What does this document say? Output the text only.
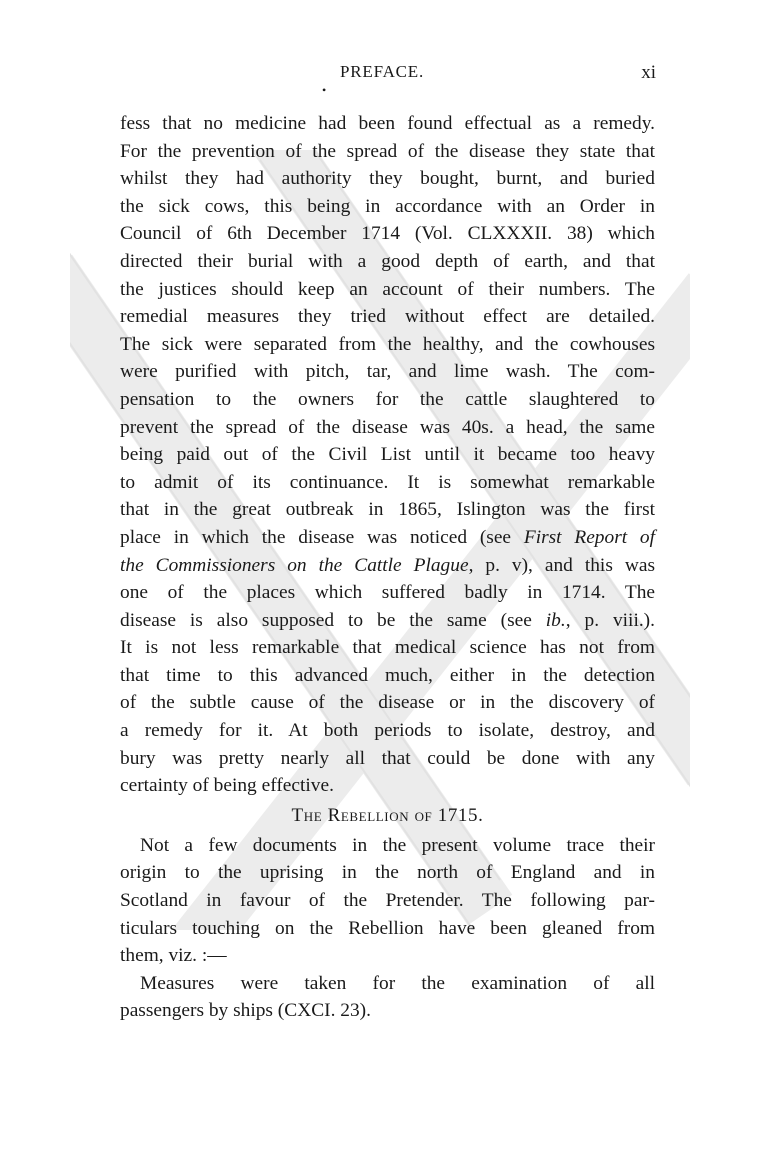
PREFACE.	xi
•
fess that no medicine had been found effectual as a remedy.
For the prevention of the spread of the disease they state that
whilst they had authority they bought, burnt, and buried
the sick cows, this being in accordance with an Order in
Council of 6th December 1714 (Vol. CLXXXII. 38) which
directed their burial with a good depth of earth, and that
the justices should keep an account of their numbers. The
remedial measures they tried without effect are detailed.
The sick were separated from the healthy, and the cowhouses
were purified with pitch, tar, and lime wash. The com-
pensation to the owners for the cattle slaughtered to
prevent the spread of the disease was 40s. a head, the same
being paid out of the Civil List until it became too heavy
to admit of its continuance. It is somewhat remarkable
that in the great outbreak in 1865, Islington was the first
place in which the disease was noticed (see First Report of
the Commissioners on the Cattle Plague, p. v), and this was
one of the places which suffered badly in 1714. The
disease is also supposed to be the same (see ib., p. viii.).
It is not less remarkable that medical science has not from
that time to this advanced much, either in the detection
of the subtle cause of the disease or in the discovery of
a remedy for it. At both periods to isolate, destroy, and
bury was pretty nearly all that could be done with any
certainty of being effective.
The Rebellion of 1715.
Not a few documents in the present volume trace their
origin to the uprising in the north of England and in
Scotland in favour of the Pretender. The following par-
ticulars touching on the Rebellion have been gleaned from
them, viz. :—
Measures were taken for the examination of all
passengers by ships (CXCI. 23).
